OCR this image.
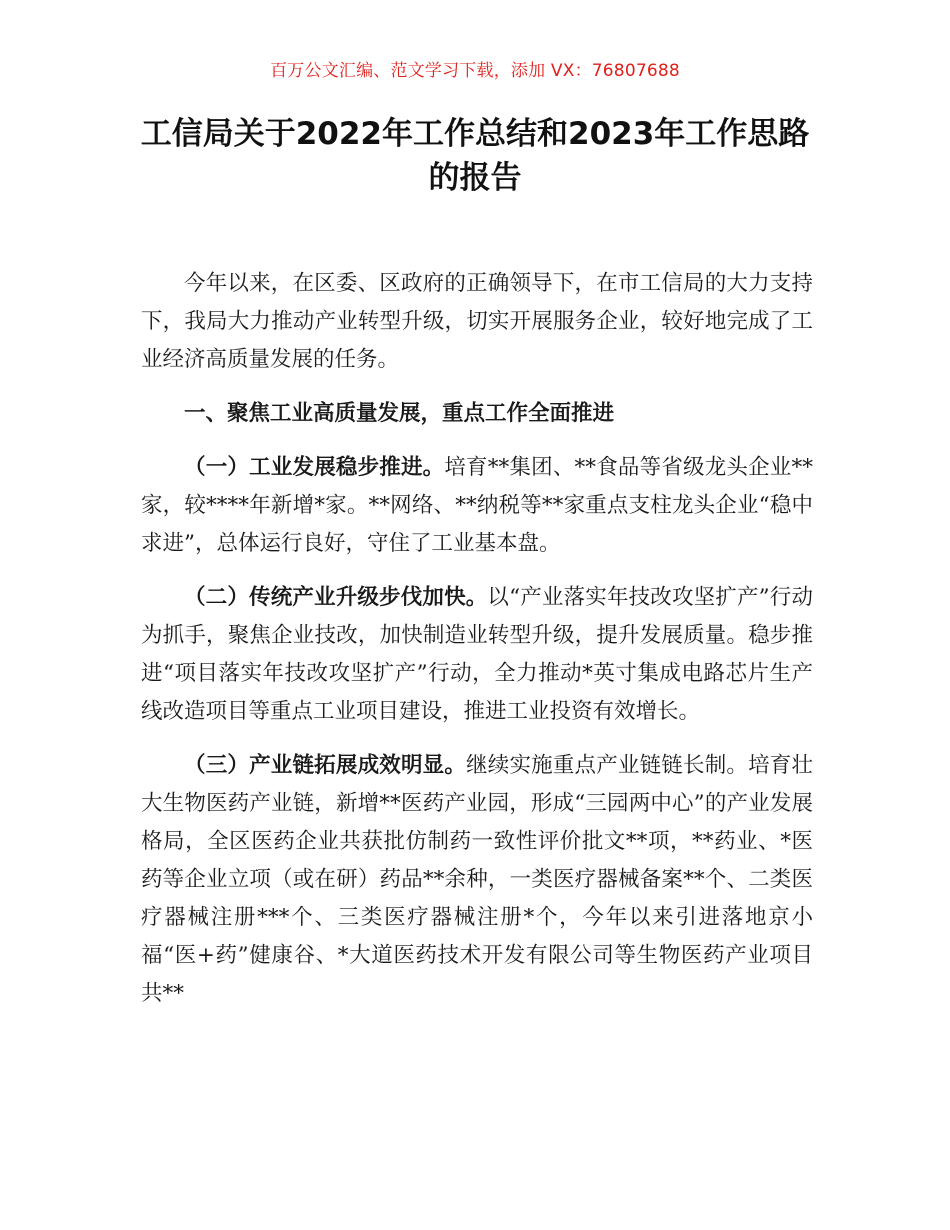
百万公文汇编、范文学习下载，添加 VX：76807688
工信局关于2022年工作总结和2023年工作思路的报告

今年以来，在区委、区政府的正确领导下，在市工信局的大力支持下，我局大力推动产业转型升级，切实开展服务企业，较好地完成了工业经济高质量发展的任务。

一、聚焦工业高质量发展，重点工作全面推进

（一）工业发展稳步推进。培育**集团、**食品等省级龙头企业**家，较****年新增*家。**网络、**纳税等**家重点支柱龙头企业“稳中求进”，总体运行良好，守住了工业基本盘。

（二）传统产业升级步伐加快。以“产业落实年技改攻坚扩产”行动为抓手，聚焦企业技改，加快制造业转型升级，提升发展质量。稳步推进“项目落实年技改攻坚扩产”行动，全力推动*英寸集成电路芯片生产线改造项目等重点工业项目建设，推进工业投资有效增长。

（三）产业链拓展成效明显。继续实施重点产业链链长制。培育壮大生物医药产业链，新增**医药产业园，形成“三园两中心”的产业发展格局，全区医药企业共获批仿制药一致性评价批文**项，**药业、*医药等企业立项（或在研）药品**余种，一类医疗器械备案**个、二类医疗器械注册***个、三类医疗器械注册*个，今年以来引进落地京小福“医+药”健康谷、*大道医药技术开发有限公司等生物医药产业项目共**
